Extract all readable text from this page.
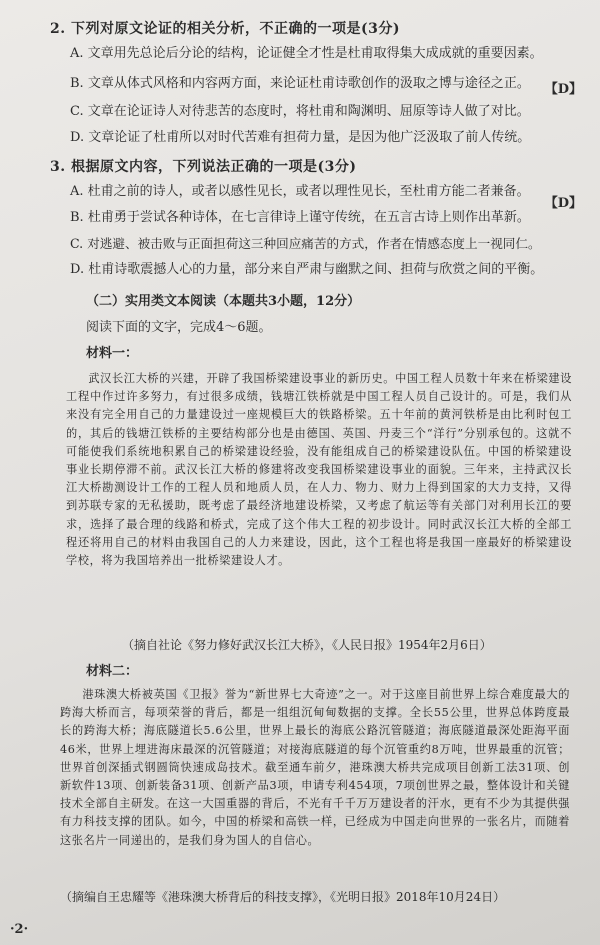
2. 下列对原文论证的相关分析，不正确的一项是(3分)
A. 文章用先总论后分论的结构，论证健全才性是杜甫取得集大成成就的重要因素。
【D】
B. 文章从体式风格和内容两方面，来论证杜甫诗歌创作的汲取之博与途径之正。
C. 文章在论证诗人对待悲苦的态度时，将杜甫和陶渊明、屈原等诗人做了对比。
D. 文章论证了杜甫所以对时代苦难有担荷力量，是因为他广泛汲取了前人传统。
3. 根据原文内容，下列说法正确的一项是(3分)
A. 杜甫之前的诗人，或者以感性见长，或者以理性见长，至杜甫方能二者兼备。
【D】
B. 杜甫勇于尝试各种诗体，在七言律诗上谨守传统，在五言古诗上则作出革新。
C. 对逃避、被击败与正面担荷这三种回应痛苦的方式，作者在情感态度上一视同仁。
D. 杜甫诗歌震撼人心的力量，部分来自严肃与幽默之间、担荷与欣赏之间的平衡。
（二）实用类文本阅读（本题共3小题，12分）
阅读下面的文字，完成4～6题。
材料一：

武汉长江大桥的兴建，开辟了我国桥梁建设事业的新历史。中国工程人员数十年来在桥梁建设工程中作过许多努力，有过很多成绩，钱塘江铁桥就是中国工程人员自己设计的。可是，我们从来没有完全用自己的力量建设过一座规模巨大的铁路桥梁。五十年前的黄河铁桥是由比利时包工的，其后的钱塘江铁桥的主要结构部分也是由德国、英国、丹麦三个“洋行”分别承包的。这就不可能使我们系统地积累自己的桥梁建设经验，没有能组成自己的桥梁建设队伍。中国的桥梁建设事业长期停滞不前。武汉长江大桥的修建将改变我国桥梁建设事业的面貌。三年来，主持武汉长江大桥勘测设计工作的工程人员和地质人员，在人力、物力、财力上得到国家的大力支持，又得到苏联专家的无私援助，既考虑了最经济地建设桥梁，又考虑了航运等有关部门对利用长江的要求，选择了最合理的线路和桥式，完成了这个伟大工程的初步设计。同时武汉长江大桥的全部工程还将用自己的材料由我国自己的人力来建设，因此，这个工程也将是我国一座最好的桥梁建设学校，将为我国培养出一批桥梁建设人才。

（摘自社论《努力修好武汉长江大桥》，《人民日报》1954年2月6日）
材料二：

港珠澳大桥被英国《卫报》誉为“新世界七大奇迹”之一。对于这座目前世界上综合难度最大的跨海大桥而言，每项荣誉的背后，都是一组组沉甸甸数据的支撑。全长55公里，世界总体跨度最长的跨海大桥；海底隧道长5.6公里，世界上最长的海底公路沉管隧道；海底隧道最深处距海平面46米，世界上埋进海床最深的沉管隧道；对接海底隧道的每个沉管重约8万吨，世界最重的沉管；世界首创深插式钢圆筒快速成岛技术。截至通车前夕，港珠澳大桥共完成项目创新工法31项、创新软件13项、创新装备31项、创新产品3项，申请专利454项，7项创世界之最，整体设计和关键技术全部自主研发。在这一大国重器的背后，不光有千千万万建设者的汗水，更有不少为其提供强有力科技支撑的团队。如今，中国的桥梁和高铁一样，已经成为中国走向世界的一张名片，而随着这张名片一同递出的，是我们身为国人的自信心。

（摘编自王忠耀等《港珠澳大桥背后的科技支撑》，《光明日报》2018年10月24日）
·2·
